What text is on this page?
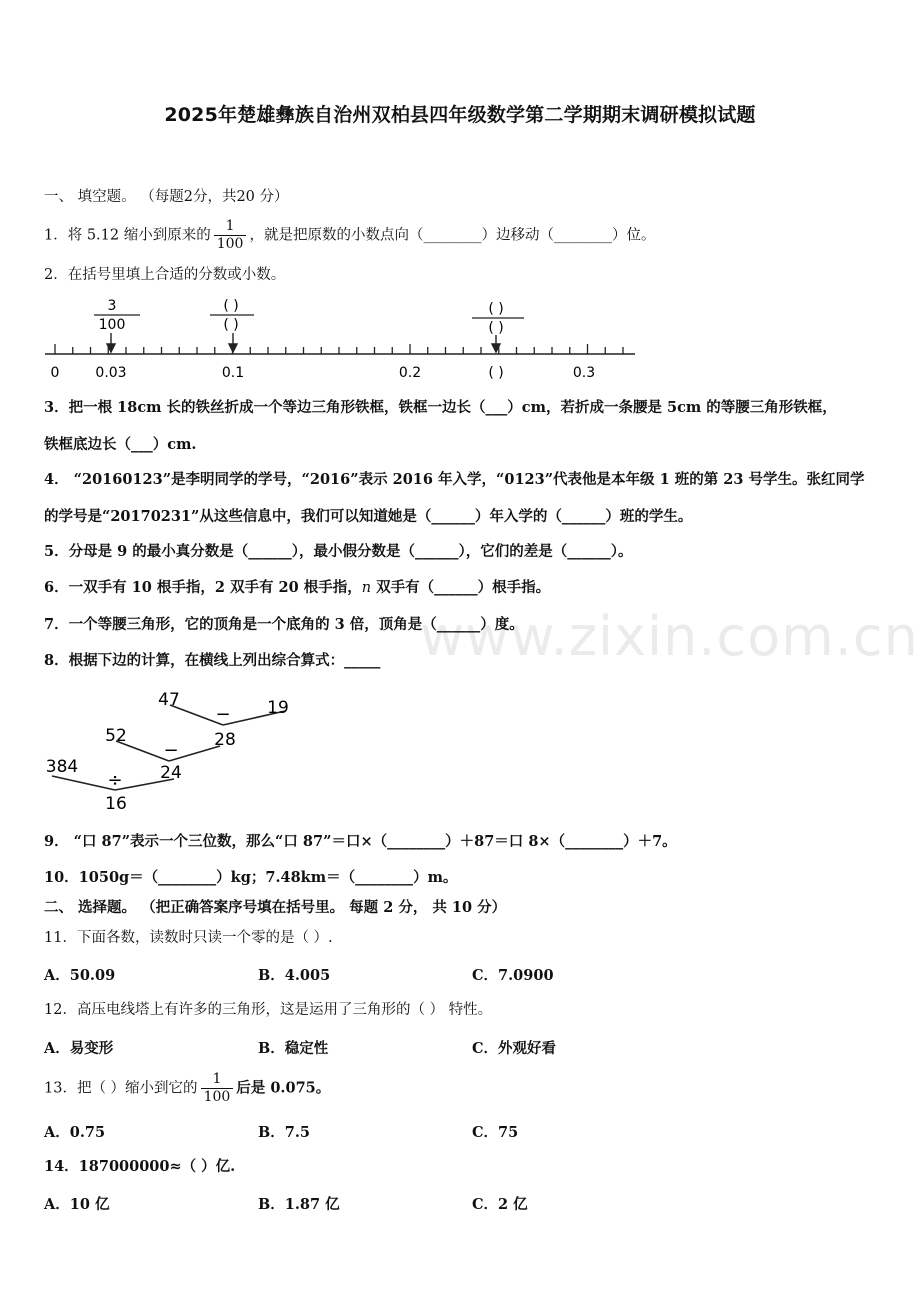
2025年楚雄彝族自治州双柏县四年级数学第二学期期末调研模拟试题
一、 填空题。 （每题2分，共20 分）
1．将 5.12 缩小到原来的 $\frac{1}{100}$ ，就是把原数的小数点向（________）边移动（________）位。
2．在括号里填上合适的分数或小数。
3
100
( )
( )
( )
( )
0	0.03	0.1	0.2	( )	0.3
3．把一根 18cm 长的铁丝折成一个等边三角形铁框，铁框一边长（___）cm，若折成一条腰是 5cm 的等腰三角形铁框，
铁框底边长（___）cm.
4． “20160123”是李明同学的学号，“2016”表示 2016 年入学，“0123”代表他是本年级 1 班的第 23 号学生。张红同学
的学号是“20170231”从这些信息中，我们可以知道她是（______）年入学的（______）班的学生。
5．分母是 9 的最小真分数是（______），最小假分数是（______），它们的差是（______）。
6．一双手有 10 根手指，2 双手有 20 根手指，n 双手有（______）根手指。
7．一个等腰三角形，它的顶角是一个底角的 3 倍，顶角是（______）度。
8．根据下边的计算，在横线上列出综合算式：_____
47
− 19
52	28
−
384	24
÷
16
9． “口 87”表示一个三位数，那么“口 87”＝口×（________）＋87＝口 8×（________）＋7。
10．1050g＝（________）kg；7.48km＝（________）m。
二、 选择题。 （把正确答案序号填在括号里。 每题 2 分， 共 10 分）
11．下面各数，读数时只读一个零的是（ ）.
A．50.09	B．4.005	C．7.0900
12．高压电线塔上有许多的三角形，这是运用了三角形的（ ） 特性。
A．易变形	B．稳定性	C．外观好看
13．把（ ）缩小到它的 $\frac{1}{100}$ 后是 0.075。
A．0.75	B．7.5	C．75
14．187000000≈（ ）亿.
A．10 亿	B．1.87 亿	C．2 亿
www.zixin.com.cn
